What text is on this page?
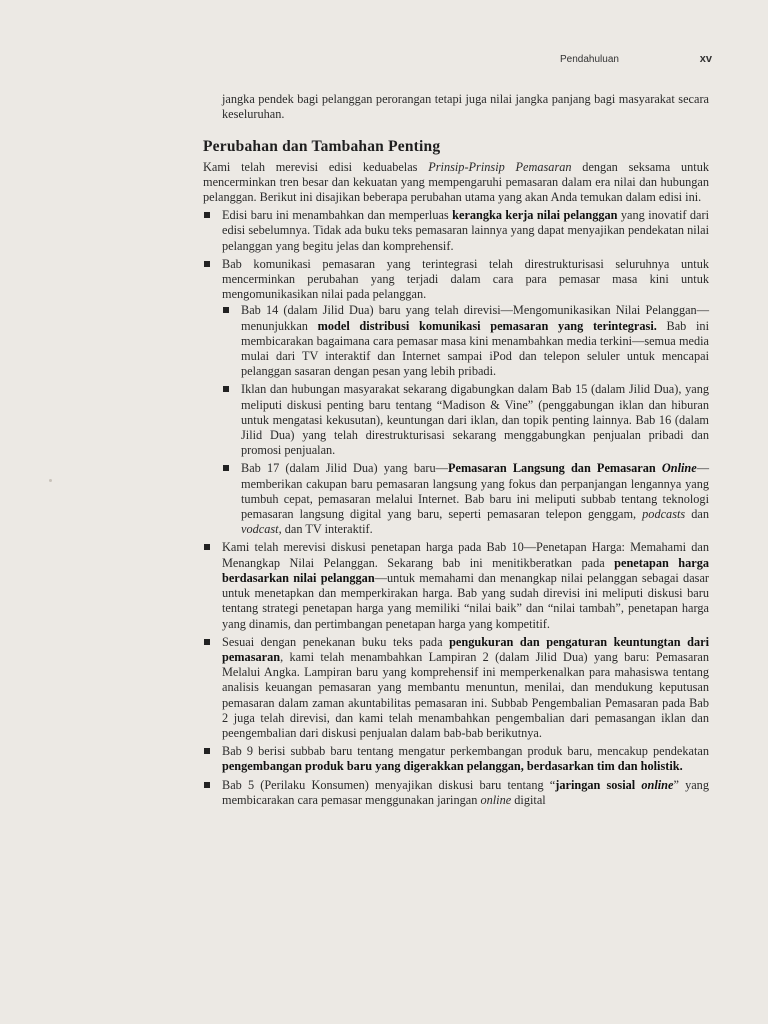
Pendahuluan	xv

jangka pendek bagi pelanggan perorangan tetapi juga nilai jangka panjang bagi masyarakat secara keseluruhan.

Perubahan dan Tambahan Penting

Kami telah merevisi edisi keduabelas Prinsip-Prinsip Pemasaran dengan seksama untuk mencerminkan tren besar dan kekuatan yang mempengaruhi pemasaran dalam era nilai dan hubungan pelanggan. Berikut ini disajikan beberapa perubahan utama yang akan Anda temukan dalam edisi ini.

Edisi baru ini menambahkan dan memperluas kerangka kerja nilai pelanggan yang inovatif dari edisi sebelumnya. Tidak ada buku teks pemasaran lainnya yang dapat menyajikan pendekatan nilai pelanggan yang begitu jelas dan komprehensif.
Bab komunikasi pemasaran yang terintegrasi telah direstrukturisasi seluruhnya untuk mencerminkan perubahan yang terjadi dalam cara para pemasar masa kini untuk mengomunikasikan nilai pada pelanggan.
Bab 14 (dalam Jilid Dua) baru yang telah direvisi—Mengomunikasikan Nilai Pelanggan—menunjukkan model distribusi komunikasi pemasaran yang terintegrasi. Bab ini membicarakan bagaimana cara pemasar masa kini menambahkan media terkini—semua media mulai dari TV interaktif dan Internet sampai iPod dan telepon seluler untuk mencapai pelanggan sasaran dengan pesan yang lebih pribadi.
Iklan dan hubungan masyarakat sekarang digabungkan dalam Bab 15 (dalam Jilid Dua), yang meliputi diskusi penting baru tentang “Madison & Vine” (penggabungan iklan dan hiburan untuk mengatasi kekusutan), keuntungan dari iklan, dan topik penting lainnya. Bab 16 (dalam Jilid Dua) yang telah direstrukturisasi sekarang menggabungkan penjualan pribadi dan promosi penjualan.
Bab 17 (dalam Jilid Dua) yang baru—Pemasaran Langsung dan Pemasaran Online—memberikan cakupan baru pemasaran langsung yang fokus dan perpanjangan lengannya yang tumbuh cepat, pemasaran melalui Internet. Bab baru ini meliputi subbab tentang teknologi pemasaran langsung digital yang baru, seperti pemasaran telepon genggam, podcasts dan vodcast, dan TV interaktif.
Kami telah merevisi diskusi penetapan harga pada Bab 10—Penetapan Harga: Memahami dan Menangkap Nilai Pelanggan. Sekarang bab ini menitikberatkan pada penetapan harga berdasarkan nilai pelanggan—untuk memahami dan menangkap nilai pelanggan sebagai dasar untuk menetapkan dan memperkirakan harga. Bab yang sudah direvisi ini meliputi diskusi baru tentang strategi penetapan harga yang memiliki “nilai baik” dan “nilai tambah”, penetapan harga yang dinamis, dan pertimbangan penetapan harga yang kompetitif.
Sesuai dengan penekanan buku teks pada pengukuran dan pengaturan keuntungtan dari pemasaran, kami telah menambahkan Lampiran 2 (dalam Jilid Dua) yang baru: Pemasaran Melalui Angka. Lampiran baru yang komprehensif ini memperkenalkan para mahasiswa tentang analisis keuangan pemasaran yang membantu menuntun, menilai, dan mendukung keputusan pemasaran dalam zaman akuntabilitas pemasaran ini. Subbab Pengembalian Pemasaran pada Bab 2 juga telah direvisi, dan kami telah menambahkan pengembalian dari pemasangan iklan dan peengembalian dari diskusi penjualan dalam bab-bab berikutnya.
Bab 9 berisi subbab baru tentang mengatur perkembangan produk baru, mencakup pendekatan pengembangan produk baru yang digerakkan pelanggan, berdasarkan tim dan holistik.
Bab 5 (Perilaku Konsumen) menyajikan diskusi baru tentang “jaringan sosial online” yang membicarakan cara pemasar menggunakan jaringan online digital
